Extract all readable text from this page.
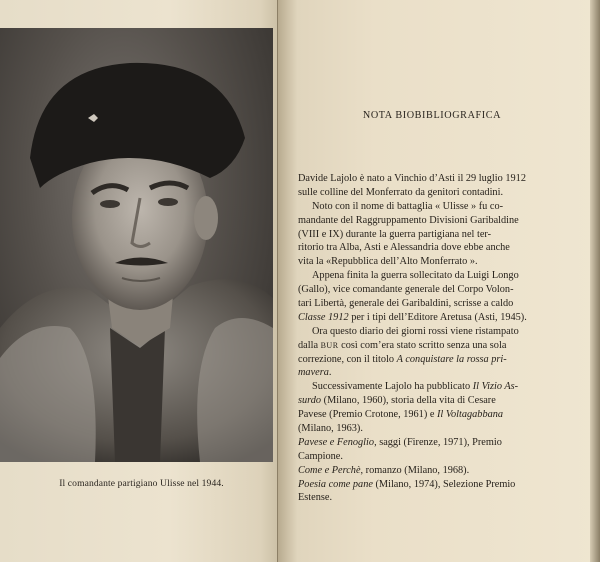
Il comandante partigiano Ulisse nel 1944.
NOTA BIOBIBLIOGRAFICA
Davide Lajolo è nato a Vinchio d’Asti il 29 luglio 1912
sulle colline del Monferrato da genitori contadini.
Noto con il nome di battaglia « Ulisse » fu co-
mandante del Raggruppamento Divisioni Garibaldine
(VIII e IX) durante la guerra partigiana nel ter-
ritorio tra Alba, Asti e Alessandria dove ebbe anche
vita la «Repubblica dell’Alto Monferrato ».
Appena finita la guerra sollecitato da Luigi Longo
(Gallo), vice comandante generale del Corpo Volon-
tari Libertà, generale dei Garibaldini, scrisse a caldo
Classe 1912 per i tipi dell’Editore Aretusa (Asti, 1945).
Ora questo diario dei giorni rossi viene ristampato
dalla BUR così com’era stato scritto senza una sola
correzione, con il titolo A conquistare la rossa pri-
mavera.
Successivamente Lajolo ha pubblicato Il Vizio As-
surdo (Milano, 1960), storia della vita di Cesare
Pavese (Premio Crotone, 1961) e Il Voltagabbana
(Milano, 1963).
Pavese e Fenoglio, saggi (Firenze, 1971), Premio
Campione.
Come e Perchè, romanzo (Milano, 1968).
Poesia come pane (Milano, 1974), Selezione Premio
Estense.
